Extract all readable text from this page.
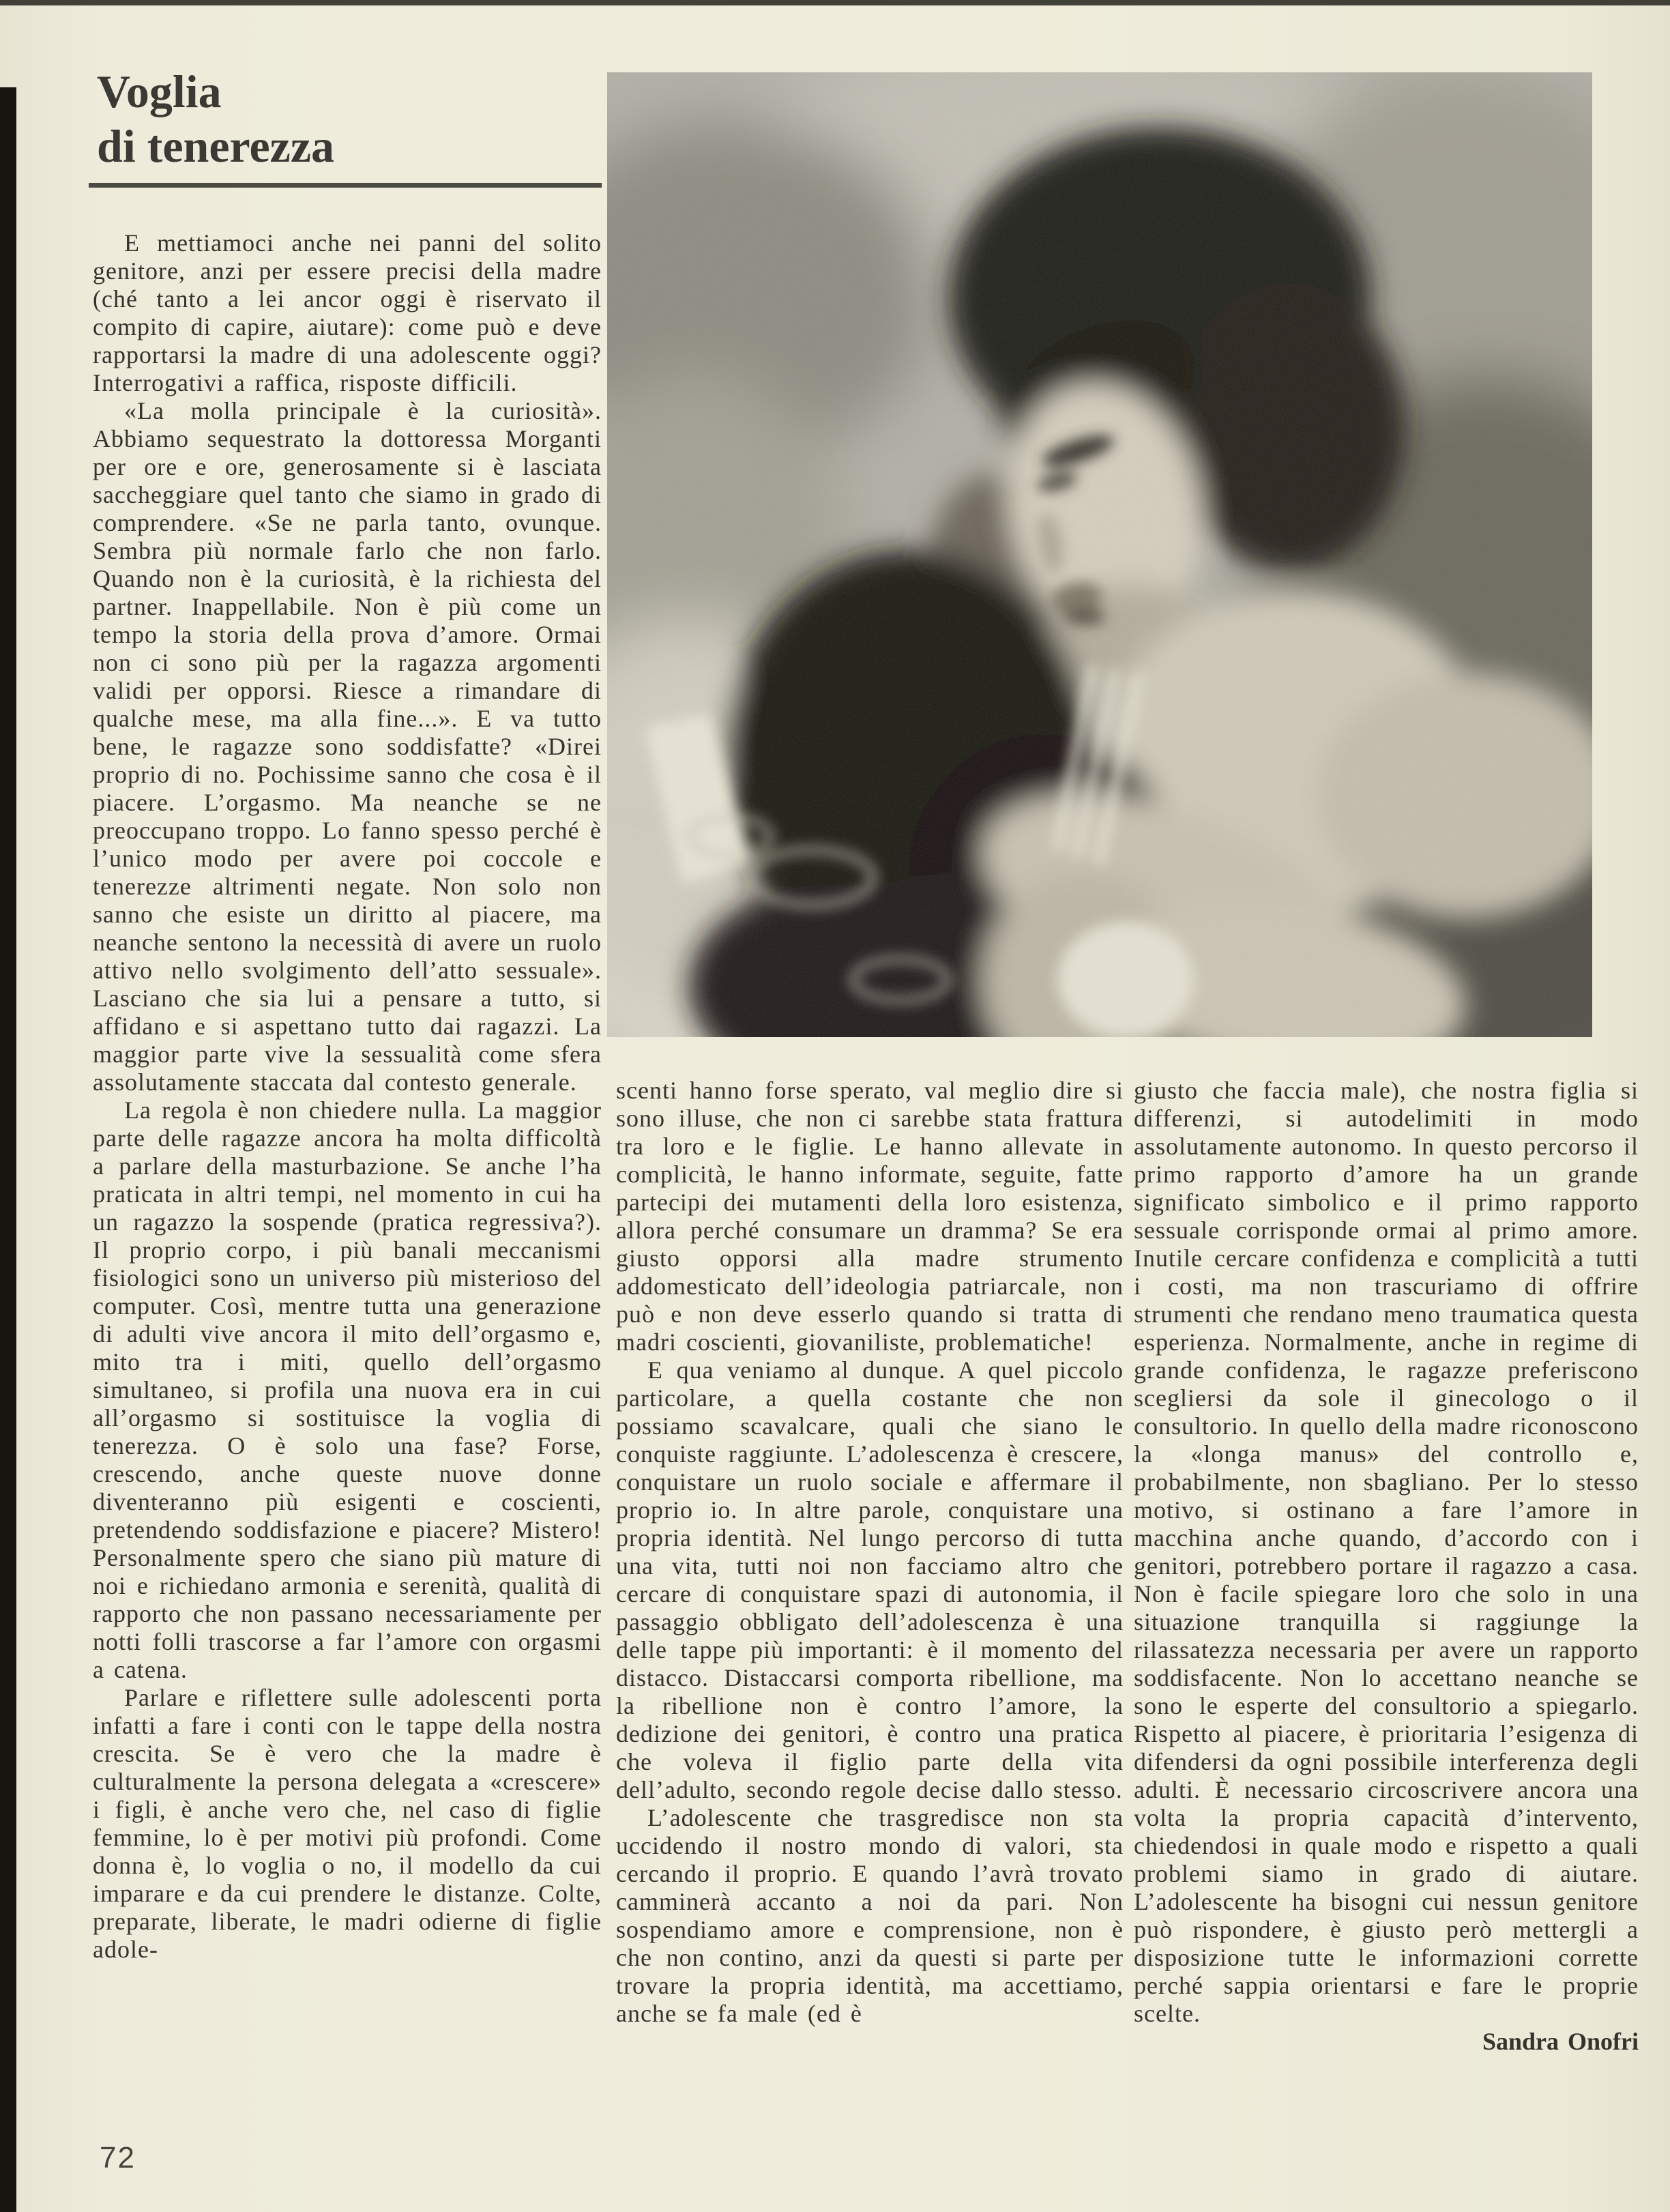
Voglia
di tenerezza

E mettiamoci anche nei panni del solito genitore, anzi per essere precisi della madre (ché tanto a lei ancor oggi è riservato il compito di capire, aiutare): come può e deve rapportarsi la madre di una adolescente oggi? Interrogativi a raffica, risposte difficili.

«La molla principale è la curiosità». Abbiamo sequestrato la dottoressa Morganti per ore e ore, generosamente si è lasciata saccheggiare quel tanto che siamo in grado di comprendere. «Se ne parla tanto, ovunque. Sembra più normale farlo che non farlo. Quando non è la curiosità, è la richiesta del partner. Inappellabile. Non è più come un tempo la storia della prova d’amore. Ormai non ci sono più per la ragazza argomenti validi per opporsi. Riesce a rimandare di qualche mese, ma alla fine...». E va tutto bene, le ragazze sono soddisfatte? «Direi proprio di no. Pochissime sanno che cosa è il piacere. L’orgasmo. Ma neanche se ne preoccupano troppo. Lo fanno spesso perché è l’unico modo per avere poi coccole e tenerezze altrimenti negate. Non solo non sanno che esiste un diritto al piacere, ma neanche sentono la necessità di avere un ruolo attivo nello svolgimento dell’atto sessuale». Lasciano che sia lui a pensare a tutto, si affidano e si aspettano tutto dai ragazzi. La maggior parte vive la sessualità come sfera assolutamente staccata dal contesto generale.

La regola è non chiedere nulla. La maggior parte delle ragazze ancora ha molta difficoltà a parlare della masturbazione. Se anche l’ha praticata in altri tempi, nel momento in cui ha un ragazzo la sospende (pratica regressiva?). Il proprio corpo, i più banali meccanismi fisiologici sono un universo più misterioso del computer. Così, mentre tutta una generazione di adulti vive ancora il mito dell’orgasmo e, mito tra i miti, quello dell’orgasmo simultaneo, si profila una nuova era in cui all’orgasmo si sostituisce la voglia di tenerezza. O è solo una fase? Forse, crescendo, anche queste nuove donne diventeranno più esigenti e coscienti, pretendendo soddisfazione e piacere? Mistero! Personalmente spero che siano più mature di noi e richiedano armonia e serenità, qualità di rapporto che non passano necessariamente per notti folli trascorse a far l’amore con orgasmi a catena.

Parlare e riflettere sulle adolescenti porta infatti a fare i conti con le tappe della nostra crescita. Se è vero che la madre è culturalmente la persona delegata a «crescere» i figli, è anche vero che, nel caso di figlie femmine, lo è per motivi più profondi. Come donna è, lo voglia o no, il modello da cui imparare e da cui prendere le distanze. Colte, preparate, liberate, le madri odierne di figlie adole-

scenti hanno forse sperato, val meglio dire si sono illuse, che non ci sarebbe stata frattura tra loro e le figlie. Le hanno allevate in complicità, le hanno informate, seguite, fatte partecipi dei mutamenti della loro esistenza, allora perché consumare un dramma? Se era giusto opporsi alla madre strumento addomesticato dell’ideologia patriarcale, non può e non deve esserlo quando si tratta di madri coscienti, giovaniliste, problematiche!

E qua veniamo al dunque. A quel piccolo particolare, a quella costante che non possiamo scavalcare, quali che siano le conquiste raggiunte. L’adolescenza è crescere, conquistare un ruolo sociale e affermare il proprio io. In altre parole, conquistare una propria identità. Nel lungo percorso di tutta una vita, tutti noi non facciamo altro che cercare di conquistare spazi di autonomia, il passaggio obbligato dell’adolescenza è una delle tappe più importanti: è il momento del distacco. Distaccarsi comporta ribellione, ma la ribellione non è contro l’amore, la dedizione dei genitori, è contro una pratica che voleva il figlio parte della vita dell’adulto, secondo regole decise dallo stesso.

L’adolescente che trasgredisce non sta uccidendo il nostro mondo di valori, sta cercando il proprio. E quando l’avrà trovato camminerà accanto a noi da pari. Non sospendiamo amore e comprensione, non è che non contino, anzi da questi si parte per trovare la propria identità, ma accettiamo, anche se fa male (ed è

giusto che faccia male), che nostra figlia si differenzi, si autodelimiti in modo assolutamente autonomo. In questo percorso il primo rapporto d’amore ha un grande significato simbolico e il primo rapporto sessuale corrisponde ormai al primo amore. Inutile cercare confidenza e complicità a tutti i costi, ma non trascuriamo di offrire strumenti che rendano meno traumatica questa esperienza. Normalmente, anche in regime di grande confidenza, le ragazze preferiscono scegliersi da sole il ginecologo o il consultorio. In quello della madre riconoscono la «longa manus» del controllo e, probabilmente, non sbagliano. Per lo stesso motivo, si ostinano a fare l’amore in macchina anche quando, d’accordo con i genitori, potrebbero portare il ragazzo a casa. Non è facile spiegare loro che solo in una situazione tranquilla si raggiunge la rilassatezza necessaria per avere un rapporto soddisfacente. Non lo accettano neanche se sono le esperte del consultorio a spiegarlo. Rispetto al piacere, è prioritaria l’esigenza di difendersi da ogni possibile interferenza degli adulti. È necessario circoscrivere ancora una volta la propria capacità d’intervento, chiedendosi in quale modo e rispetto a quali problemi siamo in grado di aiutare. L’adolescente ha bisogni cui nessun genitore può rispondere, è giusto però mettergli a disposizione tutte le informazioni corrette perché sappia orientarsi e fare le proprie scelte.

Sandra Onofri

72
